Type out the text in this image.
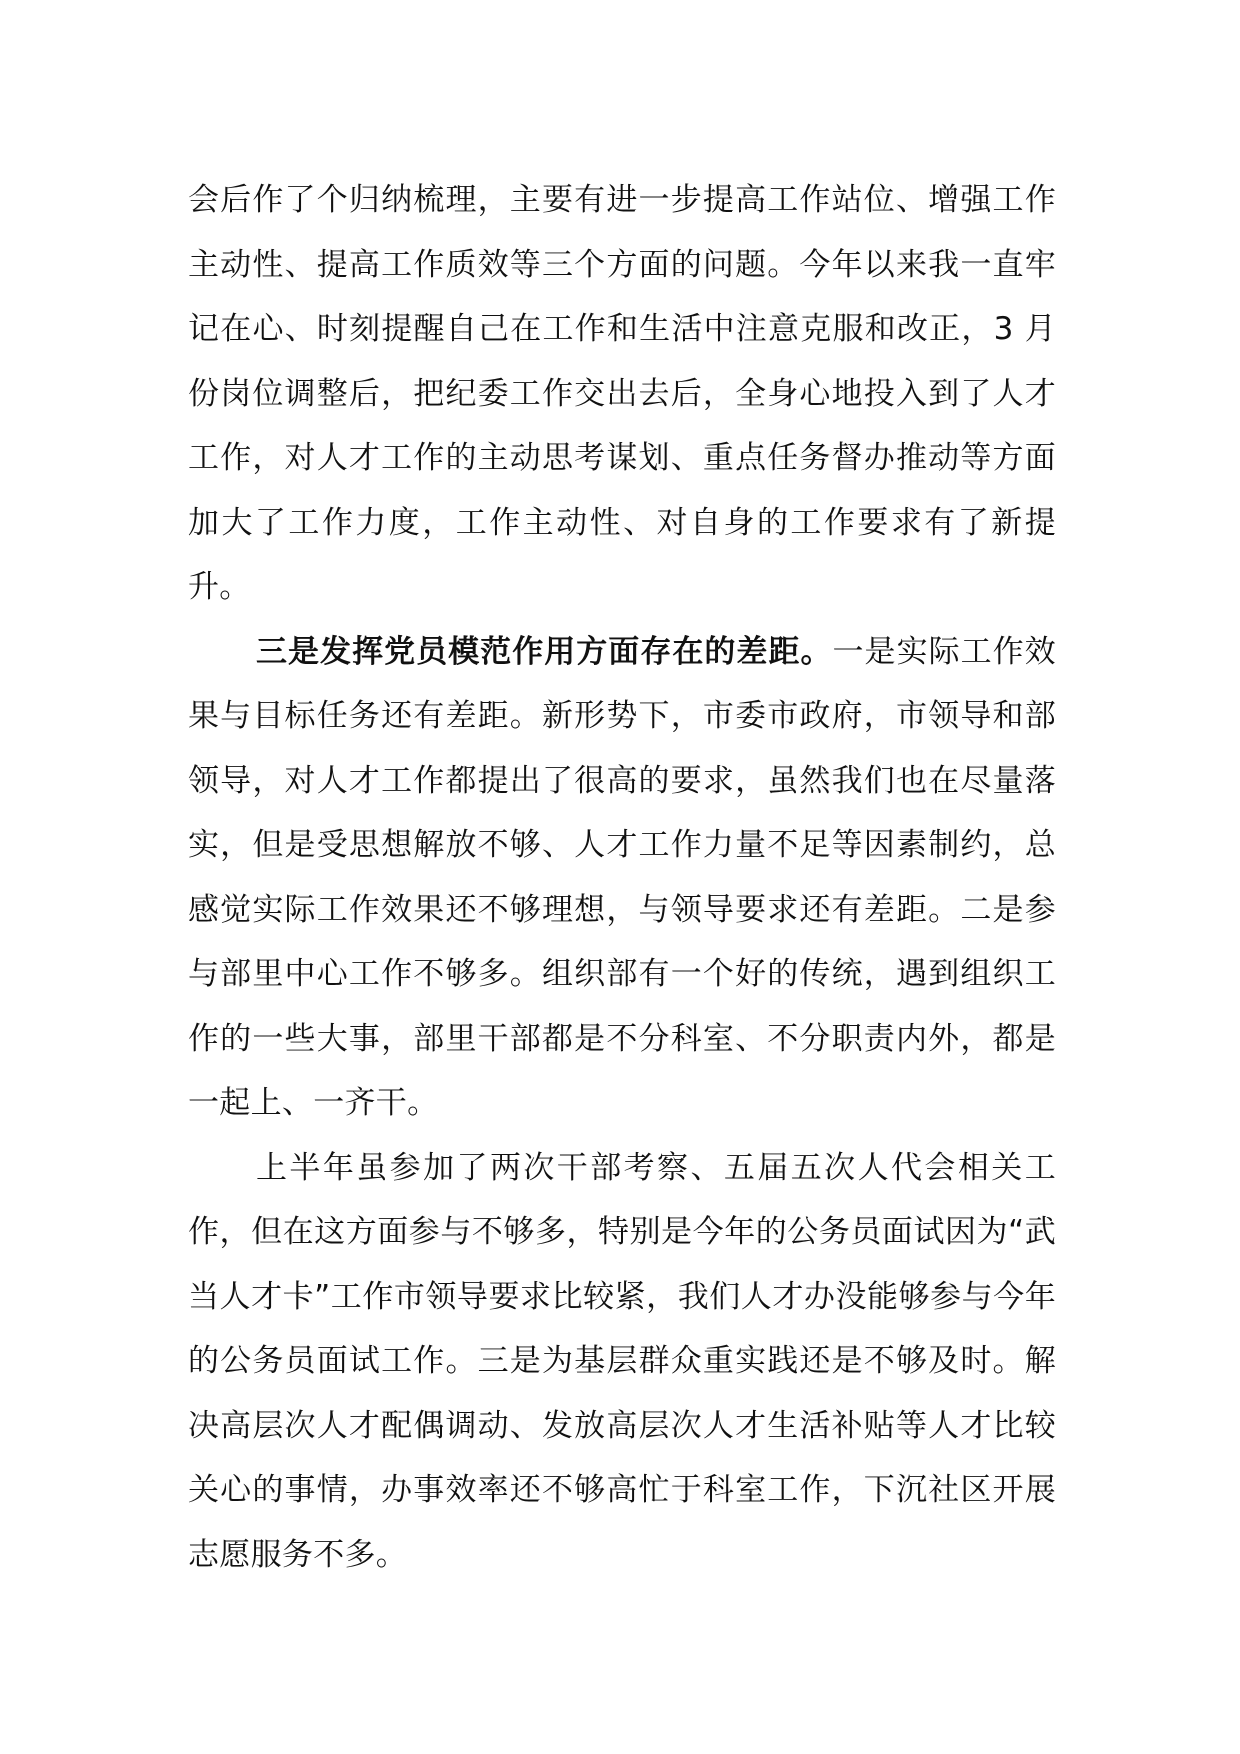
会后作了个归纳梳理，主要有进一步提高工作站位、增强工作主动性、提高工作质效等三个方面的问题。今年以来我一直牢记在心、时刻提醒自己在工作和生活中注意克服和改正，3 月份岗位调整后，把纪委工作交出去后，全身心地投入到了人才工作，对人才工作的主动思考谋划、重点任务督办推动等方面加大了工作力度，工作主动性、对自身的工作要求有了新提升。

三是发挥党员模范作用方面存在的差距。一是实际工作效果与目标任务还有差距。新形势下，市委市政府，市领导和部领导，对人才工作都提出了很高的要求，虽然我们也在尽量落实，但是受思想解放不够、人才工作力量不足等因素制约，总感觉实际工作效果还不够理想，与领导要求还有差距。二是参与部里中心工作不够多。组织部有一个好的传统，遇到组织工作的一些大事，部里干部都是不分科室、不分职责内外，都是一起上、一齐干。

上半年虽参加了两次干部考察、五届五次人代会相关工作，但在这方面参与不够多，特别是今年的公务员面试因为“武当人才卡”工作市领导要求比较紧，我们人才办没能够参与今年的公务员面试工作。三是为基层群众重实践还是不够及时。解决高层次人才配偶调动、发放高层次人才生活补贴等人才比较关心的事情，办事效率还不够高忙于科室工作，下沉社区开展志愿服务不多。
